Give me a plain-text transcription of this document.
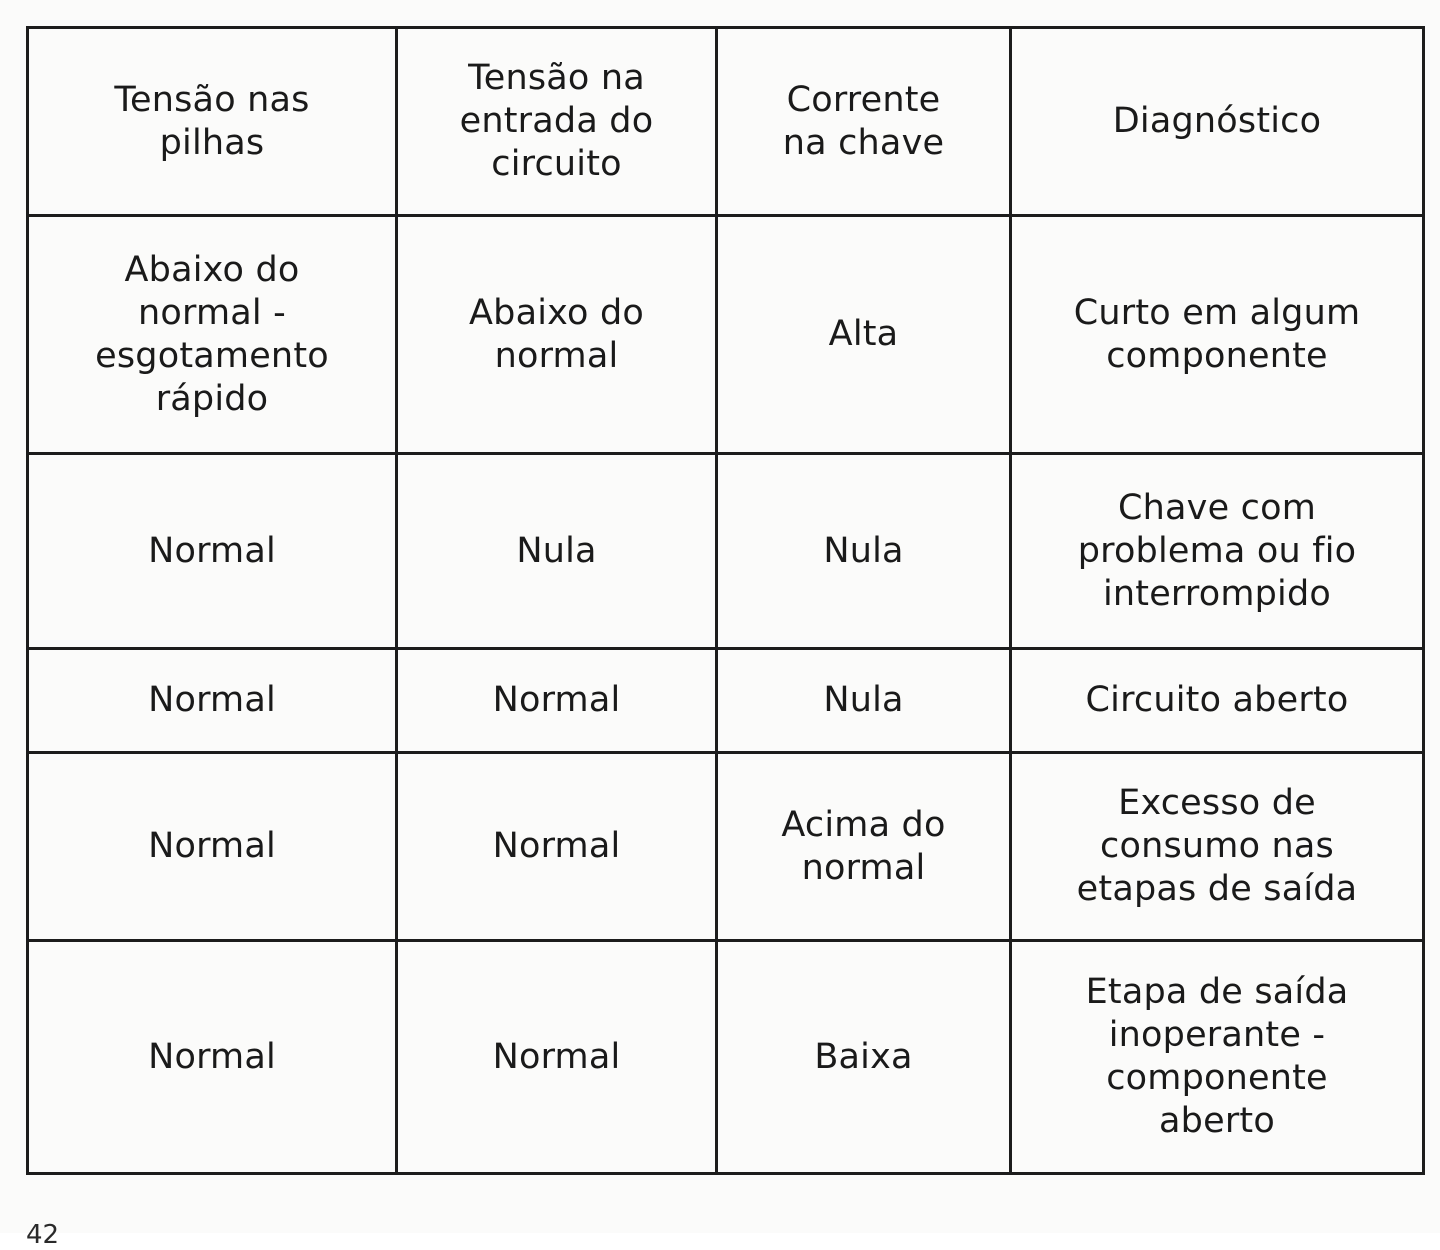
Tensão nas
pilhas	Tensão na
entrada do
circuito	Corrente
na chave	Diagnóstico
Abaixo do
normal -
esgotamento
rápido	Abaixo do
normal	Alta	Curto em algum
componente
Normal	Nula	Nula	Chave com
problema ou fio
interrompido
Normal	Normal	Nula	Circuito aberto
Normal	Normal	Acima do
normal	Excesso de
consumo nas
etapas de saída
Normal	Normal	Baixa	Etapa de saída
inoperante -
componente
aberto
42
